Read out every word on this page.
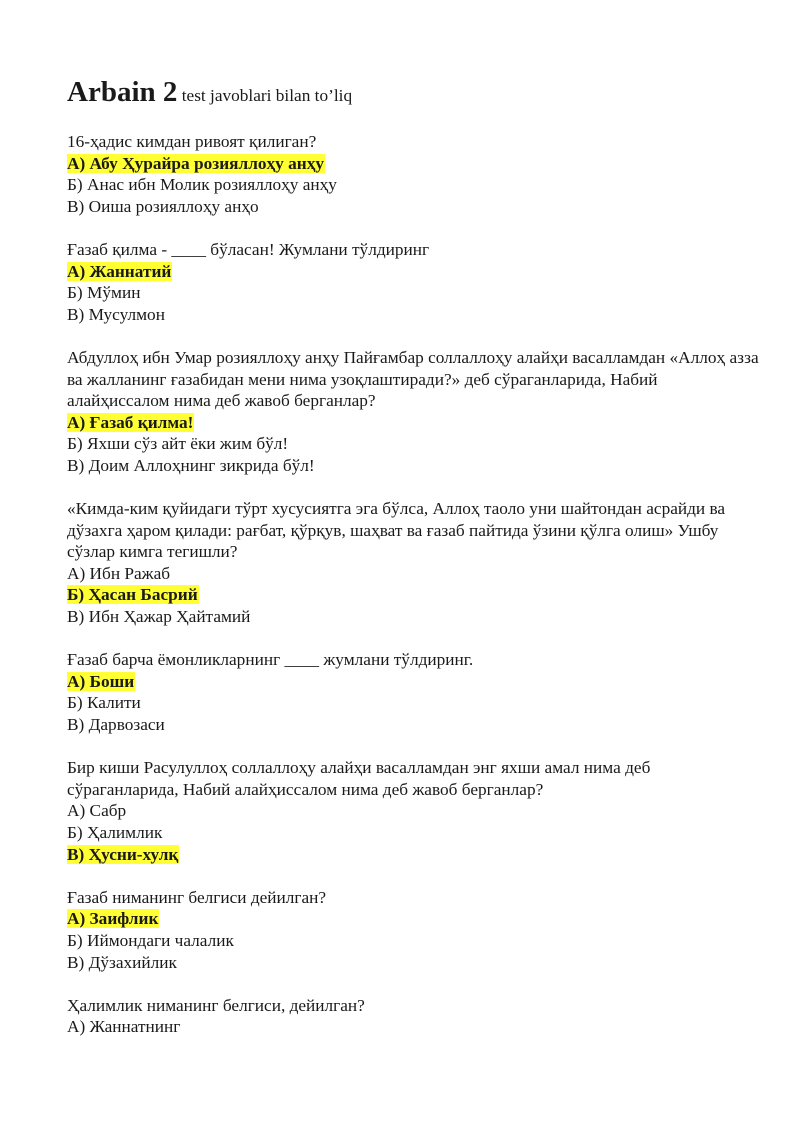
Arbain 2 test javoblari bilan to’liq

16-ҳадис кимдан ривоят қилиган?

А) Абу Ҳурайра розияллоҳу анҳу

Б) Анас ибн Молик розияллоҳу анҳу

В) Оиша розияллоҳу анҳо

Ғазаб қилма - ____ бўласан! Жумлани тўлдиринг

А) Жаннатий

Б) Мўмин

В) Мусулмон

Абдуллоҳ ибн Умар розияллоҳу анҳу Пайғамбар соллаллоҳу алайҳи васалламдан «Аллоҳ азза ва жалланинг ғазабидан мени нима узоқлаштиради?» деб сўраганларида, Набий алайҳиссалом нима деб жавоб берганлар?

А) Ғазаб қилма!

Б) Яхши сўз айт ёки жим бўл!

В) Доим Аллоҳнинг зикрида бўл!

«Кимда-ким қуйидаги тўрт хусусиятга эга бўлса, Аллоҳ таоло уни шайтондан асрайди ва дўзахга ҳаром қилади: рағбат, қўрқув, шаҳват ва ғазаб пайтида ўзини қўлга олиш» Ушбу сўзлар кимга тегишли?

А) Ибн Ражаб

Б) Ҳасан Басрий

В) Ибн Ҳажар Ҳайтамий

Ғазаб барча ёмонликларнинг ____ жумлани тўлдиринг.

А) Боши

Б) Калити

В) Дарвозаси

Бир киши Расулуллоҳ соллаллоҳу алайҳи васалламдан энг яхши амал нима деб сўраганларида, Набий алайҳиссалом нима деб жавоб берганлар?

А) Сабр

Б) Ҳалимлик

В) Ҳусни-хулқ

Ғазаб ниманинг белгиси дейилган?

А) Заифлик

Б) Иймондаги чалалик

В) Дўзахийлик

Ҳалимлик ниманинг белгиси, дейилган?

А) Жаннатнинг
